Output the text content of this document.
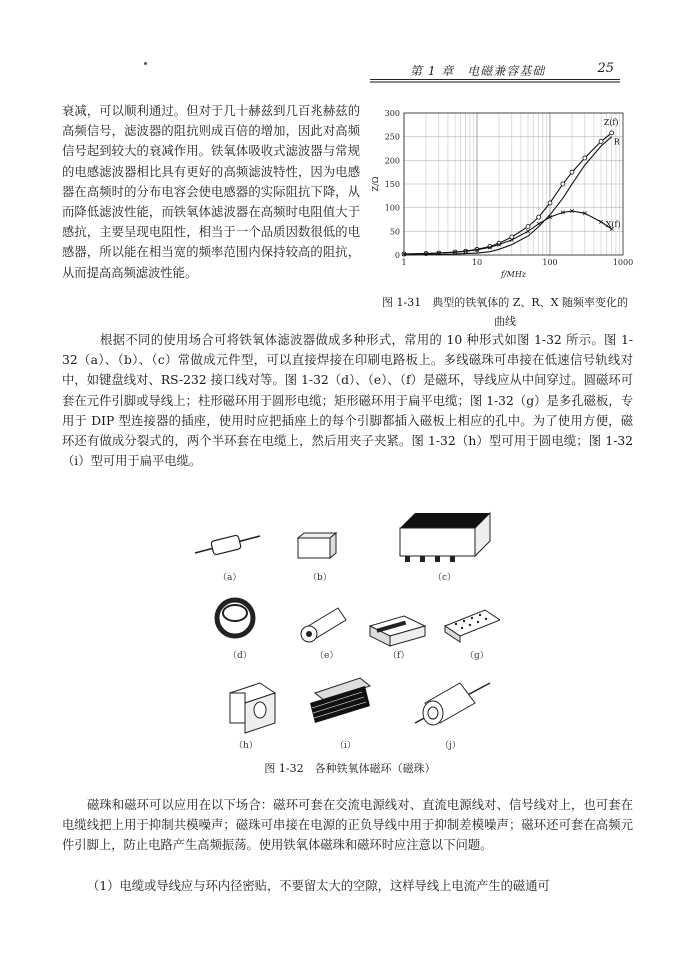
第 1 章　电磁兼容基础	25

衰减，可以顺利通过。但对于几十赫兹到几百兆赫兹的高频信号，滤波器的阻抗则成百倍的增加，因此对高频信号起到较大的衰减作用。铁氧体吸收式滤波器与常规的电感滤波器相比具有更好的高频滤波特性，因为电感器在高频时的分布电容会使电感器的实际阻抗下降，从而降低滤波性能，而铁氧体滤波器在高频时电阻值大于感抗，主要呈现电阻性，相当于一个品质因数很低的电感器，所以能在相当宽的频率范围内保持较高的阻抗，从而提高高频滤波性能。

0
50
100
150
200
250
300
1	10	100	1000
f/MHz
Z/Ω
Z(f)
R
X(f)
图 1-31　典型的铁氧体的 Z、R、X 随频率变化的曲线

根据不同的使用场合可将铁氧体滤波器做成多种形式，常用的 10 种形式如图 1-32 所示。图 1-32（a）、（b）、（c）常做成元件型，可以直接焊接在印刷电路板上。多线磁珠可串接在低速信号轨线对中，如键盘线对、RS-232 接口线对等。图 1-32（d）、（e）、（f）是磁环，导线应从中间穿过。圆磁环可套在元件引脚或导线上；柱形磁环用于圆形电缆；矩形磁环用于扁平电缆；图 1-32（g）是多孔磁板，专用于 DIP 型连接器的插座，使用时应把插座上的每个引脚都插入磁板上相应的孔中。为了使用方便，磁环还有做成分裂式的，两个半环套在电缆上，然后用夹子夹紧。图 1-32（h）型可用于圆电缆；图 1-32（i）型可用于扁平电缆。

（a）	（b）	（c）
（d）	（e）	（f）	（g）
（h）	（i）	（j）
图 1-32　各种铁氧体磁环（磁珠）

磁珠和磁环可以应用在以下场合：磁环可套在交流电源线对、直流电源线对、信号线对上，也可套在电缆线把上用于抑制共模噪声；磁珠可串接在电源的正负导线中用于抑制差模噪声；磁环还可套在高频元件引脚上，防止电路产生高频振荡。使用铁氧体磁珠和磁环时应注意以下问题。

（1）电缆或导线应与环内径密贴，不要留太大的空隙，这样导线上电流产生的磁通可
